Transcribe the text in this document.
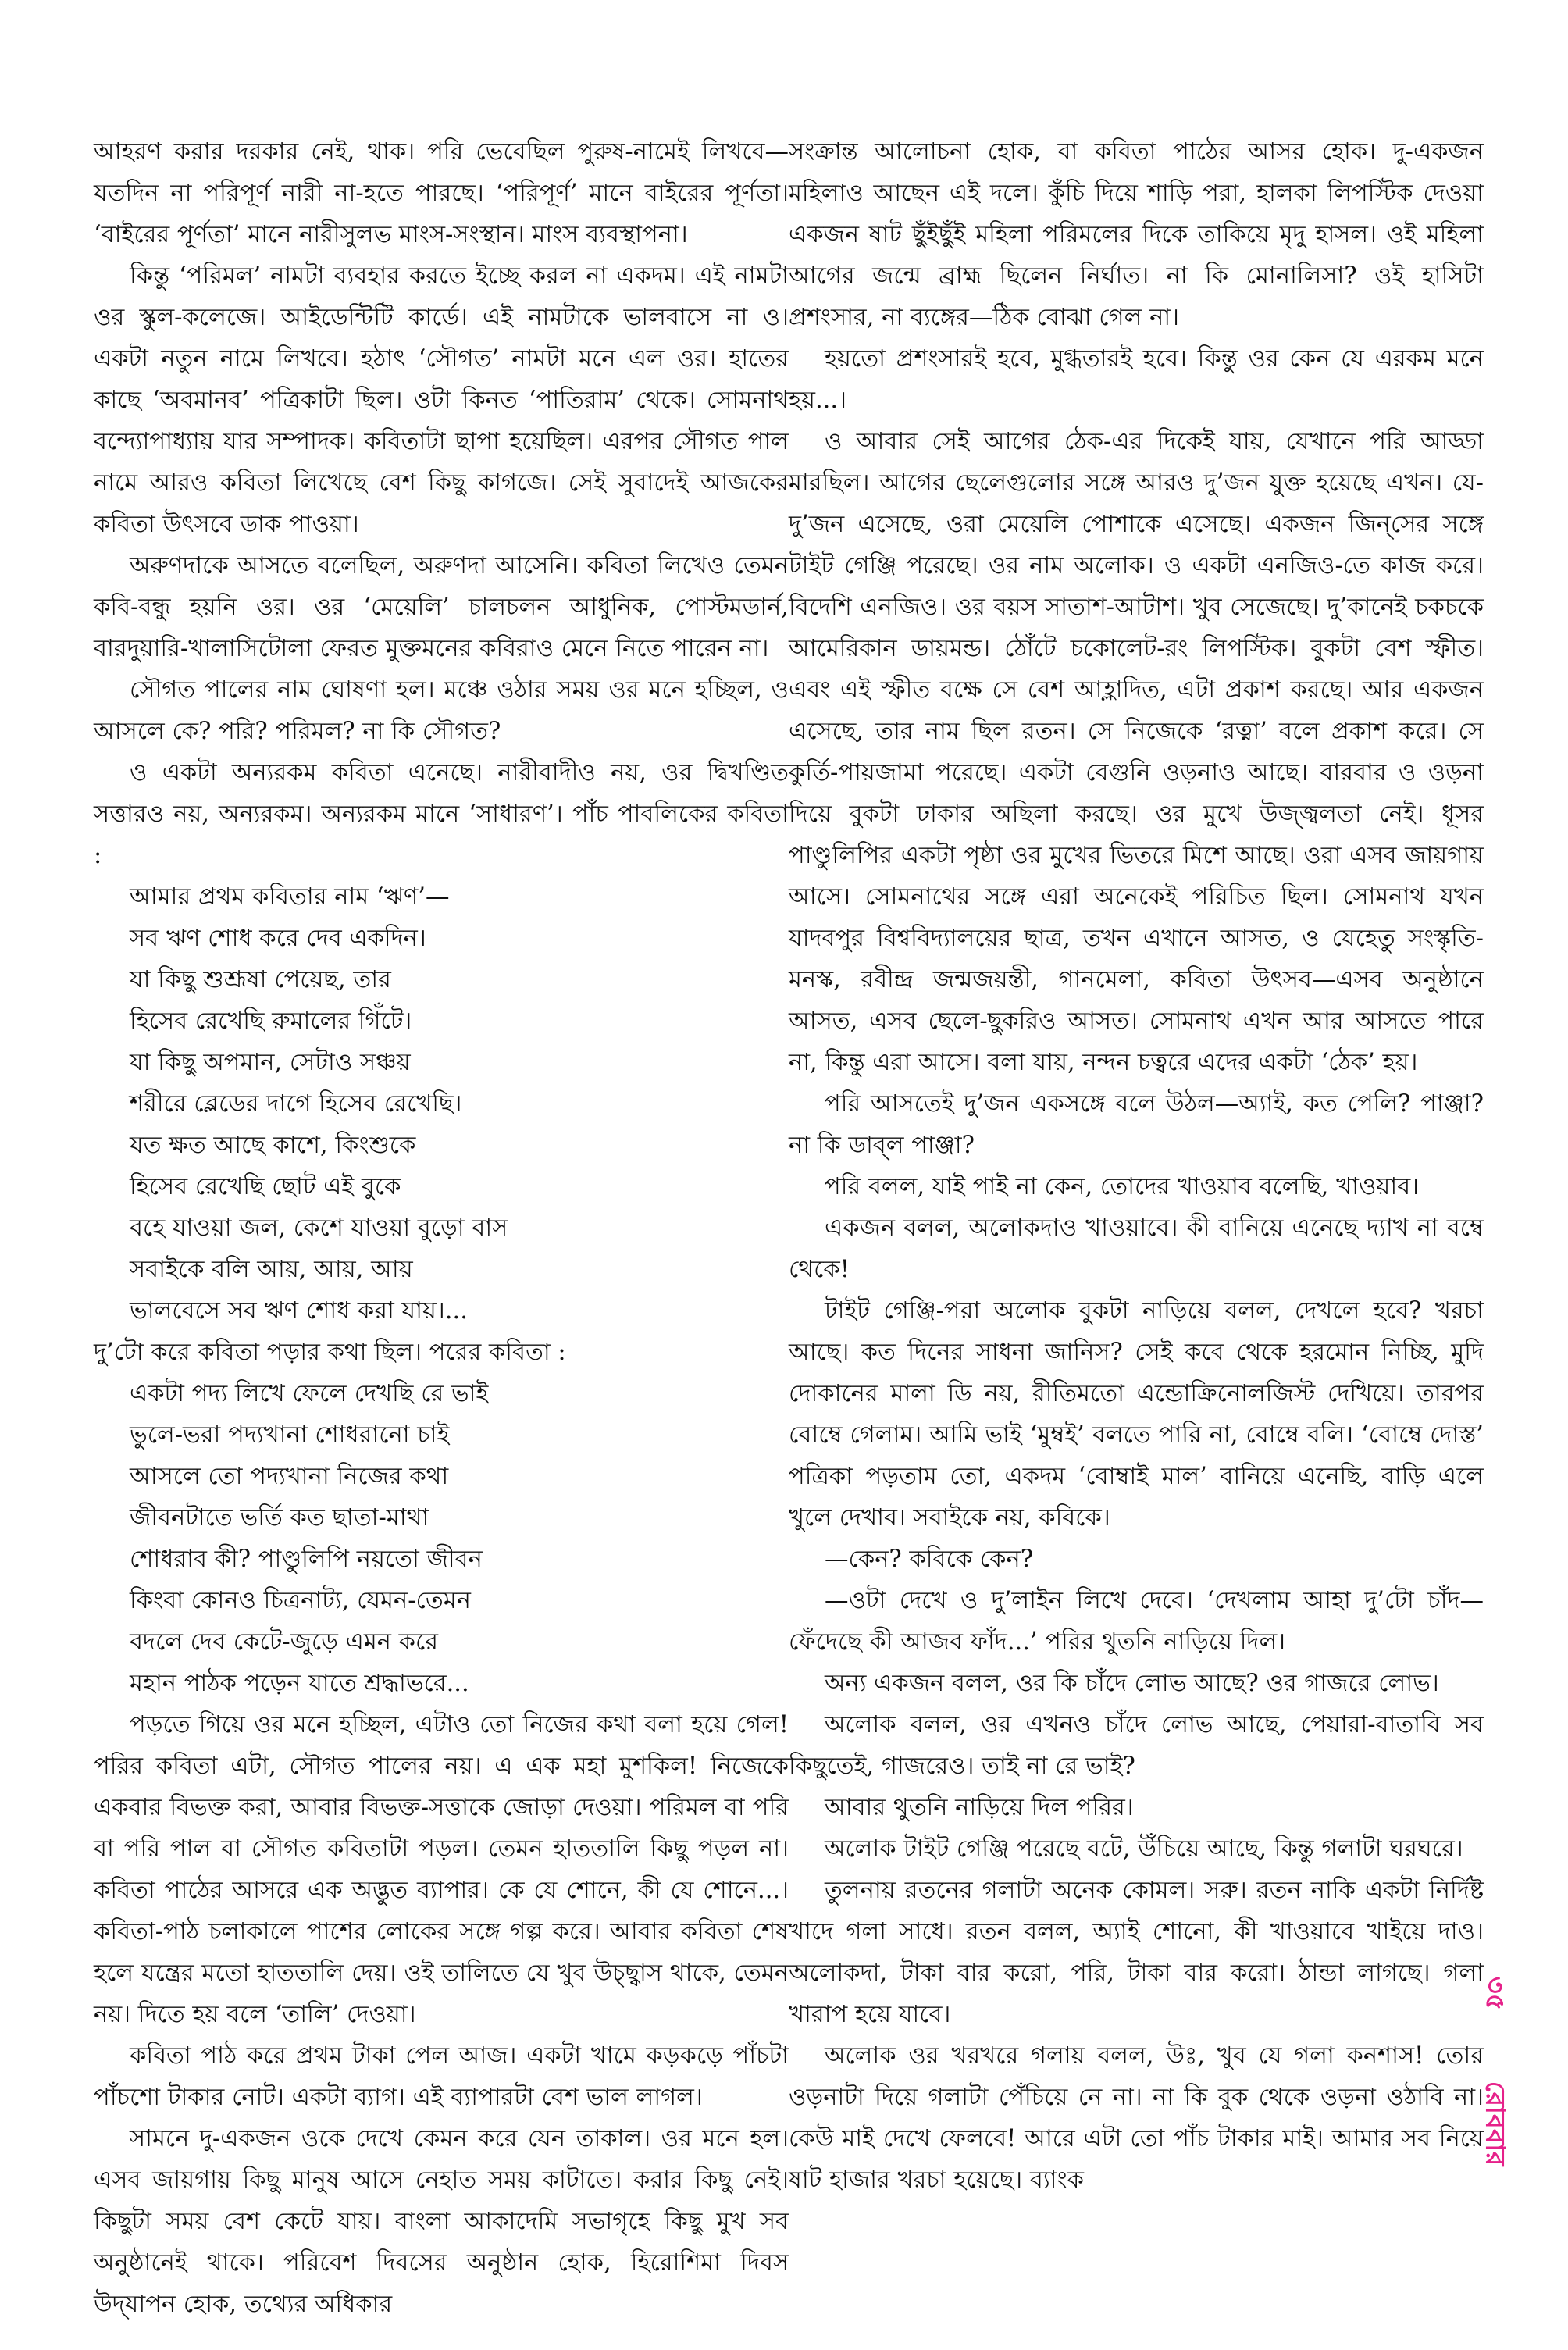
আহরণ করার দরকার নেই, থাক। পরি ভেবেছিল পুরুষ-নামেই লিখবে—যতদিন না পরিপূর্ণ নারী না-হতে পারছে। ‘পরিপূর্ণ’ মানে বাইরের পূর্ণতা। ‘বাইরের পূর্ণতা’ মানে নারীসুলভ মাংস-সংস্থান। মাংস ব্যবস্থাপনা।

কিন্তু ‘পরিমল’ নামটা ব্যবহার করতে ইচ্ছে করল না একদম। এই নামটা ওর স্কুল-কলেজে। আইডেন্টিটি কার্ডে। এই নামটাকে ভালবাসে না ও। একটা নতুন নামে লিখবে। হঠাৎ ‘সৌগত’ নামটা মনে এল ওর। হাতের কাছে ‘অবমানব’ পত্রিকাটা ছিল। ওটা কিনত ‘পাতিরাম’ থেকে। সোমনাথ বন্দ্যোপাধ্যায় যার সম্পাদক। কবিতাটা ছাপা হয়েছিল। এরপর সৌগত পাল নামে আরও কবিতা লিখেছে বেশ কিছু কাগজে। সেই সুবাদেই আজকের কবিতা উৎসবে ডাক পাওয়া।

অরুণদাকে আসতে বলেছিল, অরুণদা আসেনি। কবিতা লিখেও তেমন কবি-বন্ধু হয়নি ওর। ওর ‘মেয়েলি’ চালচলন আধুনিক, পোস্টমডার্ন, বারদুয়ারি-খালাসিটোলা ফেরত মুক্তমনের কবিরাও মেনে নিতে পারেন না।

সৌগত পালের নাম ঘোষণা হল। মঞ্চে ওঠার সময় ওর মনে হচ্ছিল, ও আসলে কে? পরি? পরিমল? না কি সৌগত?

ও একটা অন্যরকম কবিতা এনেছে। নারীবাদীও নয়, ওর দ্বিখণ্ডিত সত্তারও নয়, অন্যরকম। অন্যরকম মানে ‘সাধারণ’। পাঁচ পাবলিকের কবিতা :

আমার প্রথম কবিতার নাম ‘ঋণ’—
সব ঋণ শোধ করে দেব একদিন।
যা কিছু শুশ্রূষা পেয়েছ, তার
হিসেব রেখেছি রুমালের গিঁটে।
যা কিছু অপমান, সেটাও সঞ্চয়
শরীরে ব্লেডের দাগে হিসেব রেখেছি।
যত ক্ষত আছে কাশে, কিংশুকে
হিসেব রেখেছি ছোট এই বুকে
বহে যাওয়া জল, কেশে যাওয়া বুড়ো বাস
সবাইকে বলি আয়, আয়, আয়
ভালবেসে সব ঋণ শোধ করা যায়।...

দু’টো করে কবিতা পড়ার কথা ছিল। পরের কবিতা :

একটা পদ্য লিখে ফেলে দেখছি রে ভাই
ভুলে-ভরা পদ্যখানা শোধরানো চাই
আসলে তো পদ্যখানা নিজের কথা
জীবনটাতে ভর্তি কত ছাতা-মাথা
শোধরাব কী? পাণ্ডুলিপি নয়তো জীবন
কিংবা কোনও চিত্রনাট্য, যেমন-তেমন
বদলে দেব কেটে-জুড়ে এমন করে
মহান পাঠক পড়েন যাতে শ্রদ্ধাভরে...

পড়তে গিয়ে ওর মনে হচ্ছিল, এটাও তো নিজের কথা বলা হয়ে গেল! পরির কবিতা এটা, সৌগত পালের নয়। এ এক মহা মুশকিল! নিজেকে একবার বিভক্ত করা, আবার বিভক্ত-সত্তাকে জোড়া দেওয়া। পরিমল বা পরি বা পরি পাল বা সৌগত কবিতাটা পড়ল। তেমন হাততালি কিছু পড়ল না। কবিতা পাঠের আসরে এক অদ্ভুত ব্যাপার। কে যে শোনে, কী যে শোনে...। কবিতা-পাঠ চলাকালে পাশের লোকের সঙ্গে গল্প করে। আবার কবিতা শেষ হলে যন্ত্রের মতো হাততালি দেয়। ওই তালিতে যে খুব উচ্ছ্বাস থাকে, তেমন নয়। দিতে হয় বলে ‘তালি’ দেওয়া।

কবিতা পাঠ করে প্রথম টাকা পেল আজ। একটা খামে কড়কড়ে পাঁচটা পাঁচশো টাকার নোট। একটা ব্যাগ। এই ব্যাপারটা বেশ ভাল লাগল।

সামনে দু-একজন ওকে দেখে কেমন করে যেন তাকাল। ওর মনে হল। এসব জায়গায় কিছু মানুষ আসে নেহাত সময় কাটাতে। করার কিছু নেই। কিছুটা সময় বেশ কেটে যায়। বাংলা আকাদেমি সভাগৃহে কিছু মুখ সব অনুষ্ঠানেই থাকে। পরিবেশ দিবসের অনুষ্ঠান হোক, হিরোশিমা দিবস উদ্‌যাপন হোক, তথ্যের অধিকার

সংক্রান্ত আলোচনা হোক, বা কবিতা পাঠের আসর হোক। দু-একজন মহিলাও আছেন এই দলে। কুঁচি দিয়ে শাড়ি পরা, হালকা লিপস্টিক দেওয়া একজন ষাট ছুঁইছুঁই মহিলা পরিমলের দিকে তাকিয়ে মৃদু হাসল। ওই মহিলা আগের জন্মে ব্রাহ্ম ছিলেন নির্ঘাত। না কি মোনালিসা? ওই হাসিটা প্রশংসার, না ব্যঙ্গের—ঠিক বোঝা গেল না।

হয়তো প্রশংসারই হবে, মুগ্ধতারই হবে। কিন্তু ওর কেন যে এরকম মনে হয়...।

ও আবার সেই আগের ঠেক-এর দিকেই যায়, যেখানে পরি আড্ডা মারছিল। আগের ছেলেগুলোর সঙ্গে আরও দু’জন যুক্ত হয়েছে এখন। যে-দু’জন এসেছে, ওরা মেয়েলি পোশাকে এসেছে। একজন জিন্‌সের সঙ্গে টাইট গেঞ্জি পরেছে। ওর নাম অলোক। ও একটা এনজিও-তে কাজ করে। বিদেশি এনজিও। ওর বয়স সাতাশ-আটাশ। খুব সেজেছে। দু’কানেই চকচকে আমেরিকান ডায়মন্ড। ঠোঁটে চকোলেট-রং লিপস্টিক। বুকটা বেশ স্ফীত। এবং এই স্ফীত বক্ষে সে বেশ আহ্লাদিত, এটা প্রকাশ করছে। আর একজন এসেছে, তার নাম ছিল রতন। সে নিজেকে ‘রত্না’ বলে প্রকাশ করে। সে কুর্তি-পায়জামা পরেছে। একটা বেগুনি ওড়নাও আছে। বারবার ও ওড়না দিয়ে বুকটা ঢাকার অছিলা করছে। ওর মুখে উজ্জ্বলতা নেই। ধূসর পাণ্ডুলিপির একটা পৃষ্ঠা ওর মুখের ভিতরে মিশে আছে। ওরা এসব জায়গায় আসে। সোমনাথের সঙ্গে এরা অনেকেই পরিচিত ছিল। সোমনাথ যখন যাদবপুর বিশ্ববিদ্যালয়ের ছাত্র, তখন এখানে আসত, ও যেহেতু সংস্কৃতি-মনস্ক, রবীন্দ্র জন্মজয়ন্তী, গানমেলা, কবিতা উৎসব—এসব অনুষ্ঠানে আসত, এসব ছেলে-ছুকরিও আসত। সোমনাথ এখন আর আসতে পারে না, কিন্তু এরা আসে। বলা যায়, নন্দন চত্বরে এদের একটা ‘ঠেক’ হয়।

পরি আসতেই দু’জন একসঙ্গে বলে উঠল—অ্যাই, কত পেলি? পাঞ্জা? না কি ডাব্‌ল পাঞ্জা?

পরি বলল, যাই পাই না কেন, তোদের খাওয়াব বলেছি, খাওয়াব।

একজন বলল, অলোকদাও খাওয়াবে। কী বানিয়ে এনেছে দ্যাখ না বম্বে থেকে!

টাইট গেঞ্জি-পরা অলোক বুকটা নাড়িয়ে বলল, দেখলে হবে? খরচা আছে। কত দিনের সাধনা জানিস? সেই কবে থেকে হরমোন নিচ্ছি, মুদি দোকানের মালা ডি নয়, রীতিমতো এন্ডোক্রিনোলজিস্ট দেখিয়ে। তারপর বোম্বে গেলাম। আমি ভাই ‘মুম্বই’ বলতে পারি না, বোম্বে বলি। ‘বোম্বে দোস্ত’ পত্রিকা পড়তাম তো, একদম ‘বোম্বাই মাল’ বানিয়ে এনেছি, বাড়ি এলে খুলে দেখাব। সবাইকে নয়, কবিকে।

—কেন? কবিকে কেন?

—ওটা দেখে ও দু’লাইন লিখে দেবে। ‘দেখলাম আহা দু’টো চাঁদ—ফেঁদেছে কী আজব ফাঁদ...’ পরির থুতনি নাড়িয়ে দিল।

অন্য একজন বলল, ওর কি চাঁদে লোভ আছে? ওর গাজরে লোভ।

অলোক বলল, ওর এখনও চাঁদে লোভ আছে, পেয়ারা-বাতাবি সব কিছুতেই, গাজরেও। তাই না রে ভাই?

আবার থুতনি নাড়িয়ে দিল পরির।

অলোক টাইট গেঞ্জি পরেছে বটে, উঁচিয়ে আছে, কিন্তু গলাটা ঘরঘরে।

তুলনায় রতনের গলাটা অনেক কোমল। সরু। রতন নাকি একটা নির্দিষ্ট খাদে গলা সাধে। রতন বলল, অ্যাই শোনো, কী খাওয়াবে খাইয়ে দাও। অলোকদা, টাকা বার করো, পরি, টাকা বার করো। ঠান্ডা লাগছে। গলা খারাপ হয়ে যাবে।

অলোক ওর খরখরে গলায় বলল, উঃ, খুব যে গলা কনশাস! তোর ওড়নাটা দিয়ে গলাটা পেঁচিয়ে নে না। না কি বুক থেকে ওড়না ওঠাবি না। কেউ মাই দেখে ফেলবে! আরে এটা তো পাঁচ টাকার মাই। আমার সব নিয়ে ষাট হাজার খরচা হয়েছে। ব্যাংক

৩৫রোববার
